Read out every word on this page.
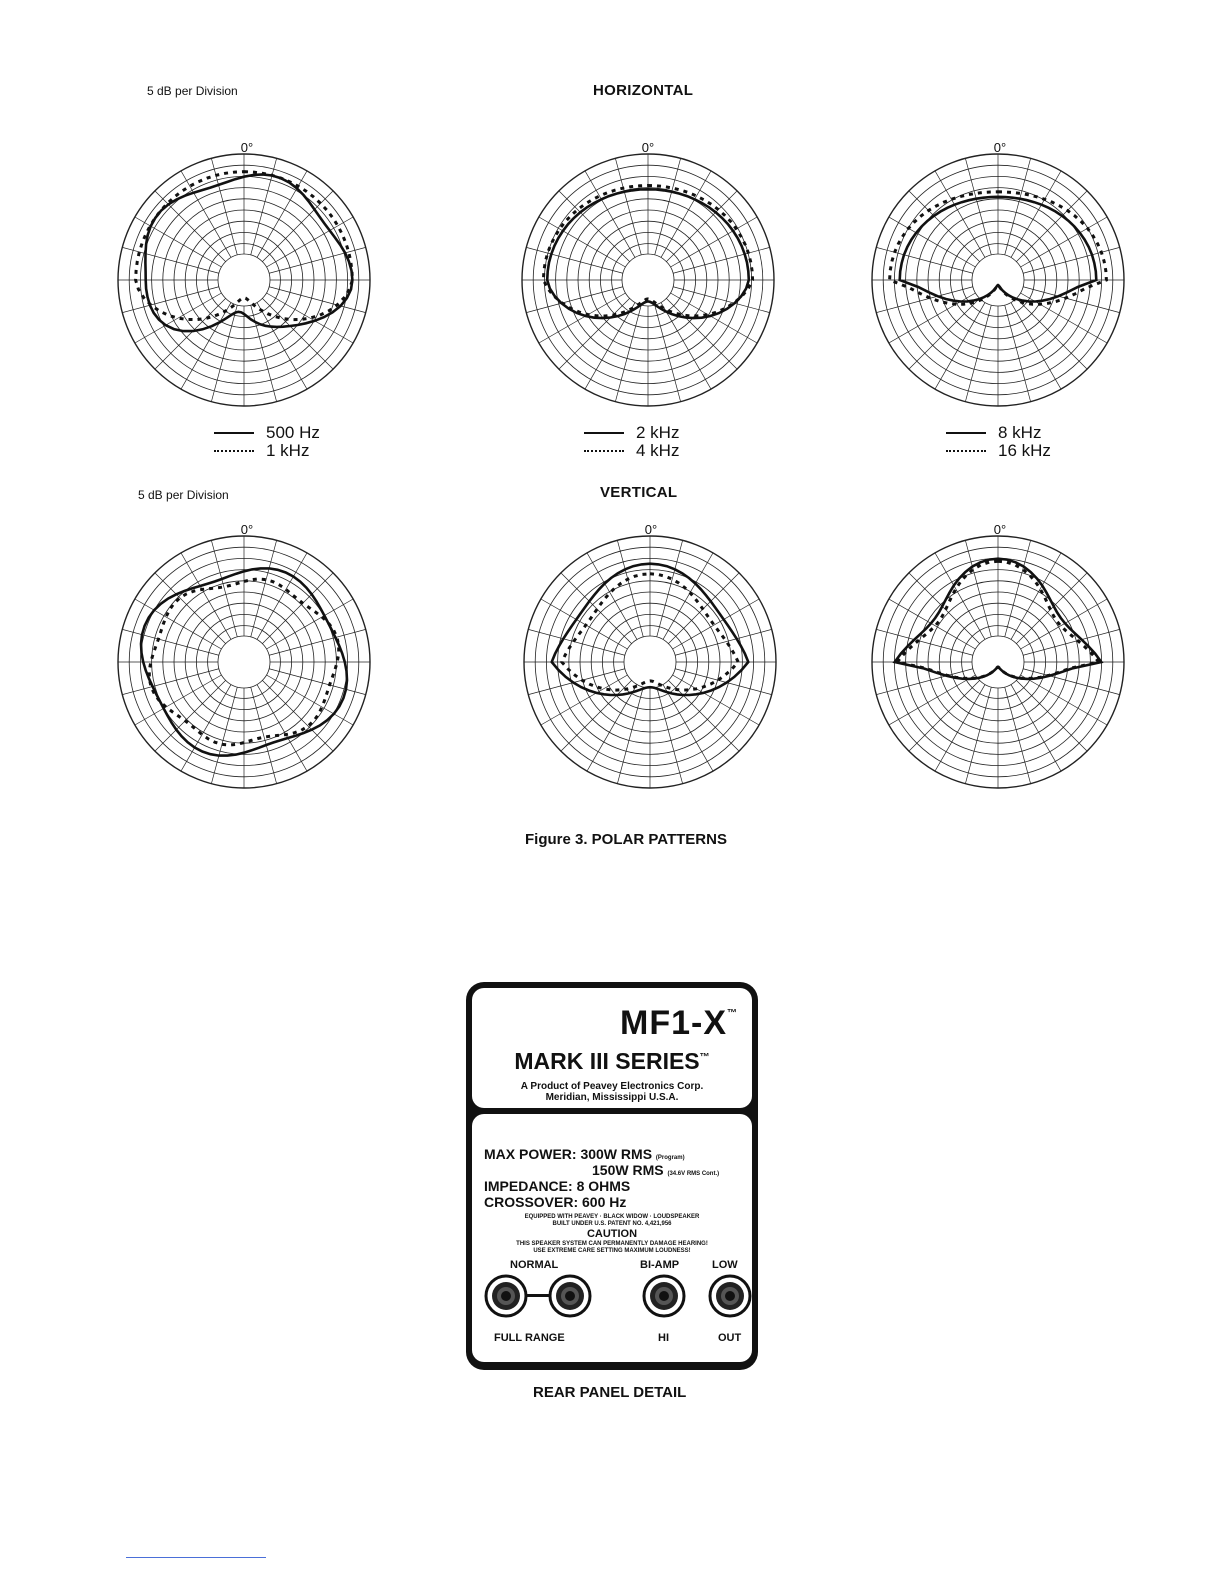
5 dB per Division	HORIZONTAL
0°	0°	0°
500 Hz
1 kHz
2 kHz
4 kHz
8 kHz
16 kHz
5 dB per Division	VERTICAL
0°	0°	0°
Figure 3. POLAR PATTERNS
MF1-X™
MARK III SERIES™
A Product of Peavey Electronics Corp.
Meridian, Mississippi U.S.A.
MAX POWER: 300W RMS (Program)
150W RMS (34.6V RMS Cont.)
IMPEDANCE: 8 OHMS
CROSSOVER: 600 Hz
EQUIPPED WITH PEAVEY · BLACK WIDOW · LOUDSPEAKER
BUILT UNDER U.S. PATENT NO. 4,421,956
CAUTION
THIS SPEAKER SYSTEM CAN PERMANENTLY DAMAGE HEARING!
USE EXTREME CARE SETTING MAXIMUM LOUDNESS!
NORMAL	BI-AMP	LOW
FULL RANGE	HI	OUT
REAR PANEL DETAIL
